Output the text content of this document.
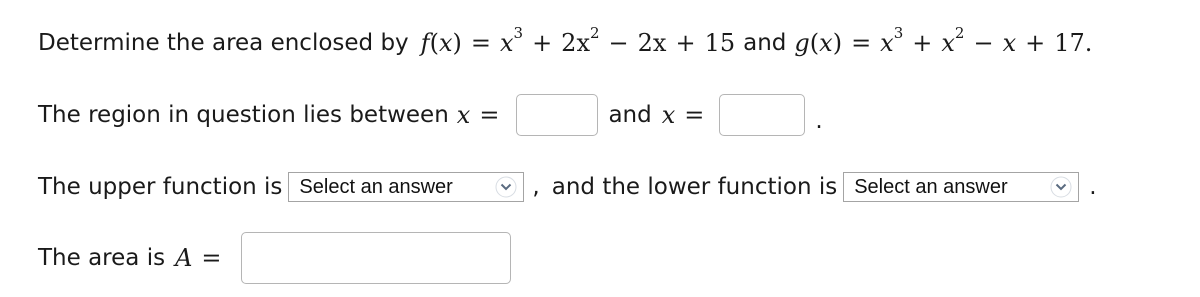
Determine the area enclosed by $f(x) = x^3 + 2x^2 - 2x + 15$ and $g(x) = x^3 + x^2 - x + 17$.
The region in question lies between x =	and x =	.
The upper function is Select an answer	, and the lower function is Select an answer	.
The area is A =
